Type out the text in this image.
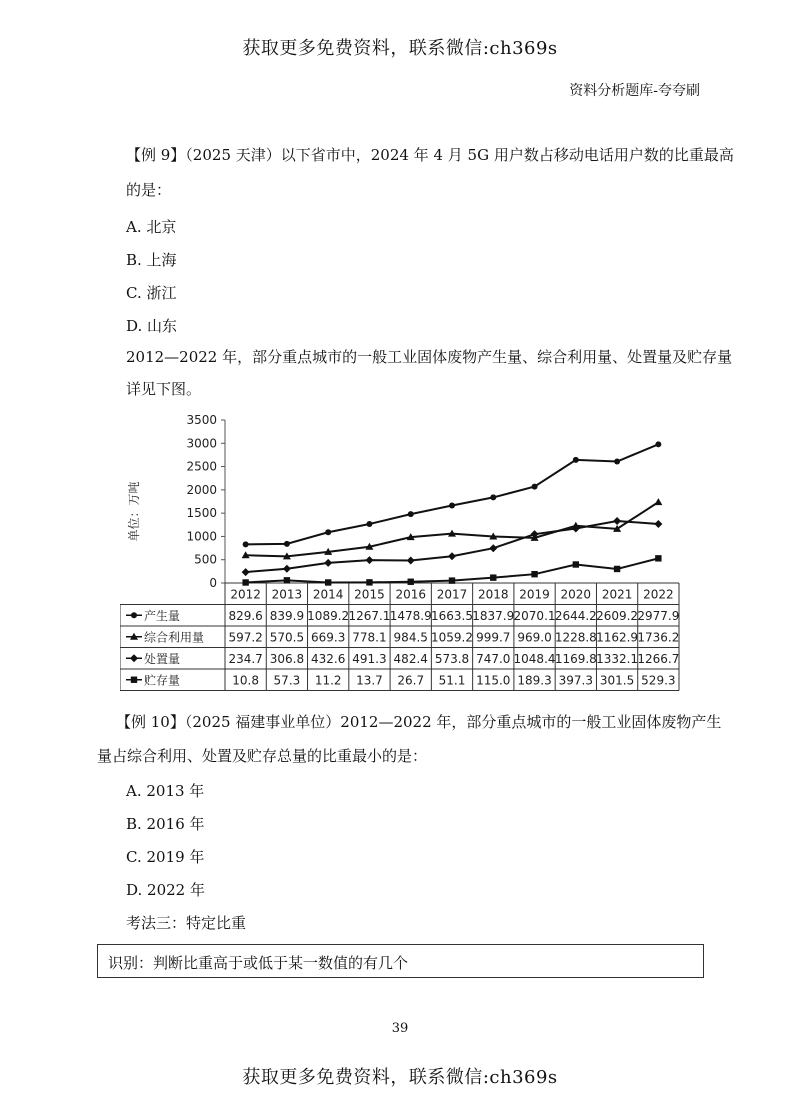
获取更多免费资料，联系微信:ch369s
资料分析题库-夸夸刷
【例 9】（2025 天津）以下省市中，2024 年 4 月 5G 用户数占移动电话用户数的比重最高
的是：
A. 北京
B. 上海
C. 浙江
D. 山东
2012—2022 年，部分重点城市的一般工业固体废物产生量、综合利用量、处置量及贮存量
详见下图。
0
500
1000
1500
2000
2500
3000
3500
单位：万吨
2012 2013 2014 2015 2016 2017 2018 2019 2020 2021 2022
产生量	829.6 839.9 1089.2 1267.1 1478.9 1663.5 1837.9 2070.1 2644.2 2609.2 2977.9
综合利用量 597.2 570.5 669.3 778.1 984.5 1059.2 999.7 969.0 1228.8 1162.9 1736.2
处置量	234.7 306.8 432.6 491.3 482.4 573.8 747.0 1048.4 1169.8 1332.1 1266.7
贮存量	10.8 57.3 11.2 13.7 26.7 51.1 115.0 189.3 397.3 301.5 529.3
【例 10】（2025 福建事业单位）2012—2022 年，部分重点城市的一般工业固体废物产生
量占综合利用、处置及贮存总量的比重最小的是：
A. 2013 年
B. 2016 年
C. 2019 年
D. 2022 年
考法三：特定比重
识别：判断比重高于或低于某一数值的有几个
39
获取更多免费资料，联系微信:ch369s
